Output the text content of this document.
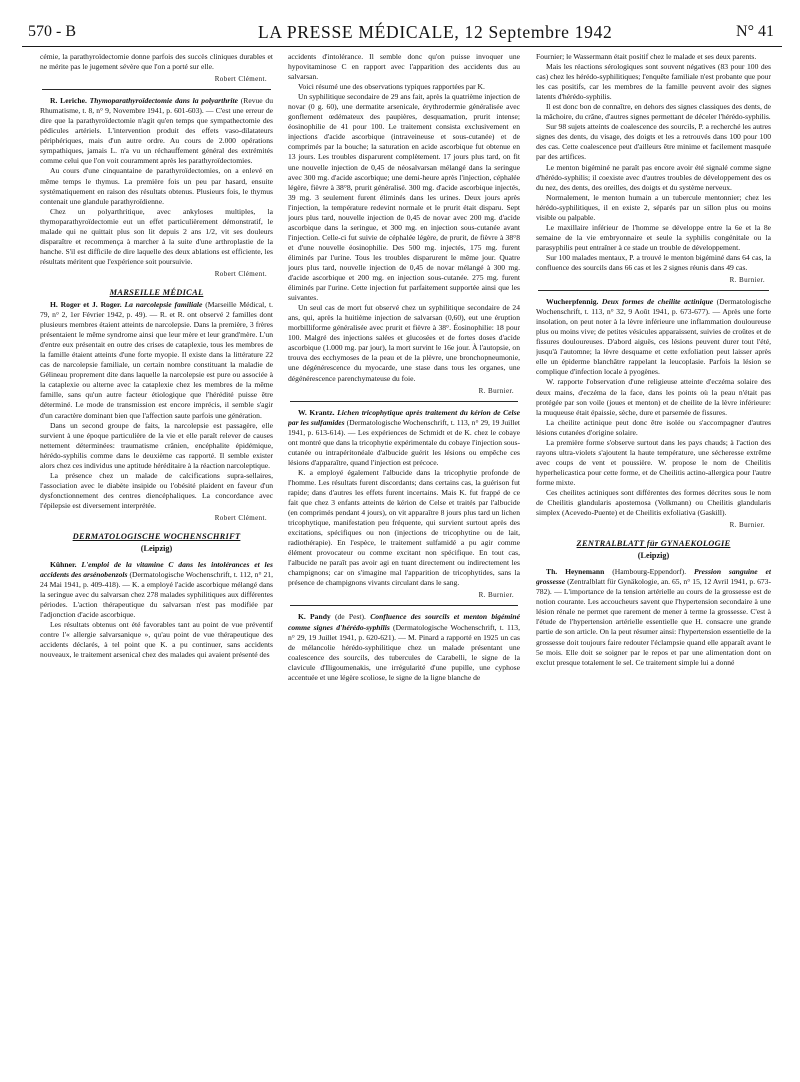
570 - B	LA PRESSE MÉDICALE, 12 Septembre 1942	N° 41

cémie, la parathyroïdectomie donne parfois des succès cliniques durables et ne mérite pas le jugement sévère que l'on a porté sur elle.

Robert Clément.

R. Leriche. Thymoparathyroïdectomie dans la polyarthrite (Revue du Rhumatisme, t. 8, n° 9, Novembre 1941, p. 601-603). — C'est une erreur de dire que la parathyroïdectomie n'agit qu'en temps que sympathectomie des pédicules artériels. L'intervention produit des effets vaso-dilatateurs périphériques, mais d'un autre ordre. Au cours de 2.000 opérations sympathiques, jamais L. n'a vu un réchauffement général des extrémités comme celui que l'on voit couramment après les parathyroïdectomies.

Au cours d'une cinquantaine de parathyroïdectomies, on a enlevé en même temps le thymus. La première fois un peu par hasard, ensuite systématiquement en raison des résultats obtenus. Plusieurs fois, le thymus contenait une glandule parathyroïdienne.

Chez un polyarthritique, avec ankyloses multiples, la thymoparathyroïdectomie eut un effet particulièrement démonstratif, le malade qui ne quittait plus son lit depuis 2 ans 1/2, vit ses douleurs disparaître et recommença à marcher à la suite d'une arthroplastie de la hanche. S'il est difficile de dire laquelle des deux ablations est efficiente, les résultats méritent que l'expérience soit poursuivie.

Robert Clément.
MARSEILLE MÉDICAL

H. Roger et J. Roger. La narcolepsie familiale (Marseille Médical, t. 79, n° 2, 1er Février 1942, p. 49). — R. et R. ont observé 2 familles dont plusieurs membres étaient atteints de narcolepsie. Dans la première, 3 frères présentaient le même syndrome ainsi que leur mère et leur grand'mère. L'un d'entre eux présentait en outre des crises de cataplexie, tous les membres de la famille étaient atteints d'une forte myopie. Il existe dans la littérature 22 cas de narcolepsie familiale, un certain nombre constituant la maladie de Gélineau proprement dite dans laquelle la narcolepsie est pure ou associée à la cataplexie ou alterne avec la cataplexie chez les membres de la même famille, sans qu'un autre facteur étiologique que l'hérédité puisse être déterminé. Le mode de transmission est encore imprécis, il semble s'agir d'un caractère dominant bien que l'affection saute parfois une génération.

Dans un second groupe de faits, la narcolepsie est passagère, elle survient à une époque particulière de la vie et elle paraît relever de causes nettement déterminées: traumatisme crânien, encéphalite épidémique, hérédo-syphilis comme dans le deuxième cas rapporté. Il semble exister alors chez ces individus une aptitude héréditaire à la réaction narcoleptique.

La présence chez un malade de calcifications supra-sellaires, l'association avec le diabète insipide ou l'obésité plaident en faveur d'un dysfonctionnement des centres diencéphaliques. La concordance avec l'épilepsie est diversement interprétée.

Robert Clément.
DERMATOLOGISCHE WOCHENSCHRIFT
(Leipzig)

Kühner. L'emploi de la vitamine C dans les intolérances et les accidents des arsénobenzols (Dermatologische Wochenschrift, t. 112, n° 21, 24 Mai 1941, p. 409-418). — K. a employé l'acide ascorbique mélangé dans la seringue avec du salvarsan chez 278 malades syphilitiques aux différentes périodes. L'action thérapeutique du salvarsan n'est pas modifiée par l'adjonction d'acide ascorbique.

Les résultats obtenus ont été favorables tant au point de vue préventif contre l'« allergie salvarsanique », qu'au point de vue thérapeutique des accidents déclarés, à tel point que K. a pu continuer, sans accidents nouveaux, le traitement arsenical chez des malades qui avaient présenté des

accidents d'intolérance. Il semble donc qu'on puisse invoquer une hypovitaminose C en rapport avec l'apparition des accidents dus au salvarsan.

Voici résumé une des observations typiques rapportées par K.

Un syphilitique secondaire de 29 ans fait, après la quatrième injection de novar (0 g. 60), une dermatite arsenicale, érythrodermie généralisée avec gonflement œdémateux des paupières, desquamation, prurit intense; éosinophilie de 41 pour 100. Le traitement consista exclusivement en injections d'acide ascorbique (intraveineuse et sous-cutanée) et de comprimés par la bouche; la saturation en acide ascorbique fut obtenue en 13 jours. Les troubles disparurent complètement. 17 jours plus tard, on fit une nouvelle injection de 0,45 de néosalvarsan mélangé dans la seringue avec 300 mg. d'acide ascorbique; une demi-heure après l'injection, céphalée légère, fièvre à 38°8, prurit généralisé. 300 mg. d'acide ascorbique injectés, 39 mg. 3 seulement furent éliminés dans les urines. Deux jours après l'injection, la température redevint normale et le prurit était disparu. Sept jours plus tard, nouvelle injection de 0,45 de novar avec 200 mg. d'acide ascorbique dans la seringue, et 300 mg. en injection sous-cutanée avant l'injection. Celle-ci fut suivie de céphalée légère, de prurit, de fièvre à 38°8 et d'une nouvelle éosinophilie. Des 500 mg. injectés, 175 mg. furent éliminés par l'urine. Tous les troubles disparurent le même jour. Quatre jours plus tard, nouvelle injection de 0,45 de novar mélangé à 300 mg. d'acide ascorbique et 200 mg. en injection sous-cutanée. 275 mg. furent éliminés par l'urine. Cette injection fut parfaitement supportée ainsi que les suivantes.

Un seul cas de mort fut observé chez un syphilitique secondaire de 24 ans, qui, après la huitième injection de salvarsan (0,60), eut une éruption morbilliforme généralisée avec prurit et fièvre à 38°. Éosinophilie: 18 pour 100. Malgré des injections salées et glucosées et de fortes doses d'acide ascorbique (1.000 mg. par jour), la mort survint le 16e jour. À l'autopsie, on trouva des ecchymoses de la peau et de la plèvre, une bronchopneumonie, une dégénérescence du myocarde, une stase dans tous les organes, une dégénérescence parenchymateuse du foie.

R. Burnier.

W. Krantz. Lichen tricophytique après traitement du kérion de Celse par les sulfamides (Dermatologische Wochenschrift, t. 113, n° 29, 19 Juillet 1941, p. 613-614). — Les expériences de Schmidt et de K. chez le cobaye ont montré que dans la tricophytie expérimentale du cobaye l'injection sous-cutanée ou intrapéritonéale d'albucide guérit les lésions ou empêche ces lésions d'apparaître, quand l'injection est précoce.

K. a employé également l'albucide dans la tricophytie profonde de l'homme. Les résultats furent discordants; dans certains cas, la guérison fut rapide; dans d'autres les effets furent incertains. Mais K. fut frappé de ce fait que chez 3 enfants atteints de kérion de Celse et traités par l'albucide (en comprimés pendant 4 jours), on vit apparaître 8 jours plus tard un lichen tricophytique, manifestation peu fréquente, qui survient surtout après des excitations, spécifiques ou non (injections de tricophytine ou de lait, radiothérapie). En l'espèce, le traitement sulfamidé a pu agir comme élément provocateur ou comme excitant non spécifique. En tout cas, l'albucide ne paraît pas avoir agi en tuant directement ou indirectement les champignons; car on s'imagine mal l'apparition de tricophytides, sans la présence de champignons vivants circulant dans le sang.

R. Burnier.

K. Pandy (de Pest). Confluence des sourcils et menton bigéminé comme signes d'hérédo-syphilis (Dermatologische Wochenschrift, t. 113, n° 29, 19 Juillet 1941, p. 620-621). — M. Pinard a rapporté en 1925 un cas de mélancolie hérédo-syphilitique chez un malade présentant une coalescence des sourcils, des tubercules de Carabelli, le signe de la clavicule d'Iligoumenakis, une irrégularité d'une pupille, une cyphose accentuée et une légère scoliose, le signe de la ligne blanche de

Fournier; le Wassermann était positif chez le malade et ses deux parents.

Mais les réactions sérologiques sont souvent négatives (83 pour 100 des cas) chez les hérédo-syphilitiques; l'enquête familiale n'est probante que pour les cas positifs, car les membres de la famille peuvent avoir des signes latents d'hérédo-syphilis.

Il est donc bon de connaître, en dehors des signes classiques des dents, de la mâchoire, du crâne, d'autres signes permettant de déceler l'hérédo-syphilis.

Sur 98 sujets atteints de coalescence des sourcils, P. a recherché les autres signes des dents, du visage, des doigts et les a retrouvés dans 100 pour 100 des cas. Cette coalescence peut d'ailleurs être minime et facilement masquée par des artifices.

Le menton bigéminé ne paraît pas encore avoir été signalé comme signe d'hérédo-syphilis; il coexiste avec d'autres troubles de développement des os du nez, des dents, des oreilles, des doigts et du système nerveux.

Normalement, le menton humain a un tubercule mentonnier; chez les hérédo-syphilitiques, il en existe 2, séparés par un sillon plus ou moins visible ou palpable.

Le maxillaire inférieur de l'homme se développe entre la 6e et la 8e semaine de la vie embryonnaire et seule la syphilis congénitale ou la parasyphilis peut entraîner à ce stade un trouble de développement.

Sur 100 malades mentaux, P. a trouvé le menton bigéminé dans 64 cas, la confluence des sourcils dans 66 cas et les 2 signes réunis dans 49 cas.

R. Burnier.

Wucherpfennig. Deux formes de cheilite actinique (Dermatologische Wochenschrift, t. 113, n° 32, 9 Août 1941, p. 673-677). — Après une forte insolation, on peut noter à la lèvre inférieure une inflammation douloureuse plus ou moins vive; de petites vésicules apparaissent, suivies de croûtes et de fissures douloureuses. D'abord aiguës, ces lésions peuvent durer tout l'été, jusqu'à l'automne; la lèvre desquame et cette exfoliation peut laisser après elle un épiderme blanchâtre rappelant la leucoplasie. Parfois la lésion se complique d'infection locale à pyogènes.

W. rapporte l'observation d'une religieuse atteinte d'eczéma solaire des deux mains, d'eczéma de la face, dans les points où la peau n'était pas protégée par son voile (joues et menton) et de cheilite de la lèvre inférieure: la muqueuse était épaissie, sèche, dure et parsemée de fissures.

La cheilite actinique peut donc être isolée ou s'accompagner d'autres lésions cutanées d'origine solaire.

La première forme s'observe surtout dans les pays chauds; à l'action des rayons ultra-violets s'ajoutent la haute température, une sécheresse extrême avec coups de vent et poussière. W. propose le nom de Cheilitis hyperhelicastica pour cette forme, et de Cheilitis actino-allergica pour l'autre forme mixte.

Ces cheilites actiniques sont différentes des formes décrites sous le nom de Cheilitis glandularis apostemosa (Volkmann) ou Cheilitis glandularis simplex (Acevedo-Puente) et de Cheilitis exfoliativa (Gaskill).

R. Burnier.
ZENTRALBLATT für GYNAEKOLOGIE
(Leipzig)

Th. Heynemann (Hambourg-Eppendorf). Pression sanguine et grossesse (Zentralblatt für Gynäkologie, an. 65, n° 15, 12 Avril 1941, p. 673-782). — L'importance de la tension artérielle au cours de la grossesse est de notion courante. Les accoucheurs savent que l'hypertension secondaire à une lésion rénale ne permet que rarement de mener à terme la grossesse. C'est à l'étude de l'hypertension artérielle essentielle que H. consacre une grande partie de son article. On la peut résumer ainsi: l'hypertension essentielle de la grossesse doit toujours faire redouter l'éclampsie quand elle apparaît avant le 5e mois. Elle doit se soigner par le repos et par une alimentation dont on exclut presque totalement le sel. Ce traitement simple lui a donné
